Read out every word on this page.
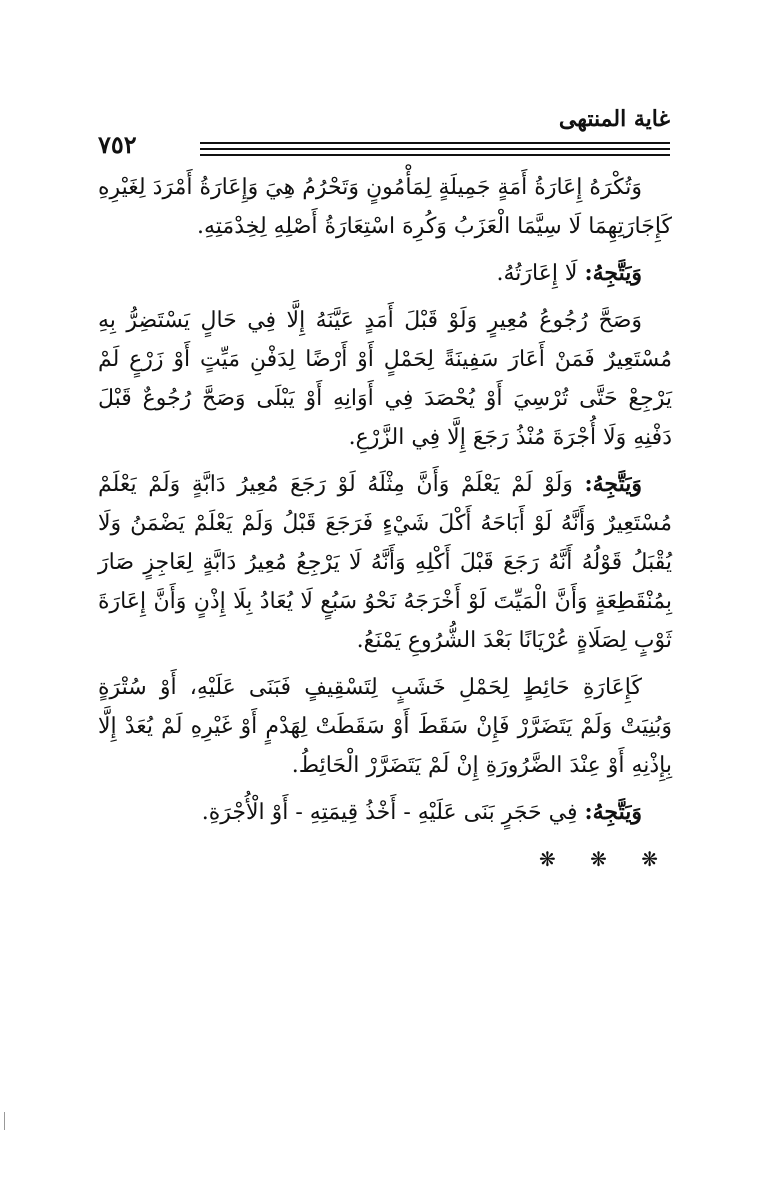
غاية المنتهى
٧٥٢

وَتُكْرَهُ إِعَارَةُ أَمَةٍ جَمِيلَةٍ لِمَأْمُونٍ وَتَحْرُمُ هِيَ وَإِعَارَةُ أَمْرَدَ لِغَيْرِهِ كَإِجَارَتِهِمَا لَا سِيَّمَا الْعَزَبُ وَكُرِهَ اسْتِعَارَةُ أَصْلِهِ لِخِدْمَتِهِ.

وَيَتَّجِهُ: لَا إِعَارَتُهُ.

وَصَحَّ رُجُوعُ مُعِيرٍ وَلَوْ قَبْلَ أَمَدٍ عَيَّنَهُ إِلَّا فِي حَالٍ يَسْتَضِرُّ بِهِ مُسْتَعِيرٌ فَمَنْ أَعَارَ سَفِينَةً لِحَمْلٍ أَوْ أَرْضًا لِدَفْنِ مَيِّتٍ أَوْ زَرْعٍ لَمْ يَرْجِعْ حَتَّى تُرْسِيَ أَوْ يُحْصَدَ فِي أَوَانِهِ أَوْ يَبْلَى وَصَحَّ رُجُوعٌ قَبْلَ دَفْنِهِ وَلَا أُجْرَةَ مُنْذُ رَجَعَ إِلَّا فِي الزَّرْعِ.

وَيَتَّجِهُ: وَلَوْ لَمْ يَعْلَمْ وَأَنَّ مِثْلَهُ لَوْ رَجَعَ مُعِيرُ دَابَّةٍ وَلَمْ يَعْلَمْ مُسْتَعِيرٌ وَأَنَّهُ لَوْ أَبَاحَهُ أَكْلَ شَيْءٍ فَرَجَعَ قَبْلُ وَلَمْ يَعْلَمْ يَضْمَنُ وَلَا يُقْبَلُ قَوْلُهُ أَنَّهُ رَجَعَ قَبْلَ أَكْلِهِ وَأَنَّهُ لَا يَرْجِعُ مُعِيرُ دَابَّةٍ لِعَاجِزٍ صَارَ بِمُنْقَطِعَةٍ وَأَنَّ الْمَيِّتَ لَوْ أَخْرَجَهُ نَحْوُ سَبُعٍ لَا يُعَادُ بِلَا إِذْنٍ وَأَنَّ إِعَارَةَ ثَوْبٍ لِصَلَاةٍ عُرْيَانًا بَعْدَ الشُّرُوعِ يَمْنَعُ.

كَإِعَارَةِ حَائِطٍ لِحَمْلِ خَشَبٍ لِتَسْقِيفٍ فَبَنَى عَلَيْهِ، أَوْ سُتْرَةٍ وَبُنِيَتْ وَلَمْ يَتَضَرَّرْ فَإِنْ سَقَطَ أَوْ سَقَطَتْ لِهَدْمٍ أَوْ غَيْرِهِ لَمْ يُعَدْ إِلَّا بِإِذْنِهِ أَوْ عِنْدَ الضَّرُورَةِ إِنْ لَمْ يَتَضَرَّرْ الْحَائِطُ.

وَيَتَّجِهُ: فِي حَجَرٍ بَنَى عَلَيْهِ - أَخْذُ قِيمَتِهِ - أَوْ الْأُجْرَةِ.

❋ ❋ ❋
